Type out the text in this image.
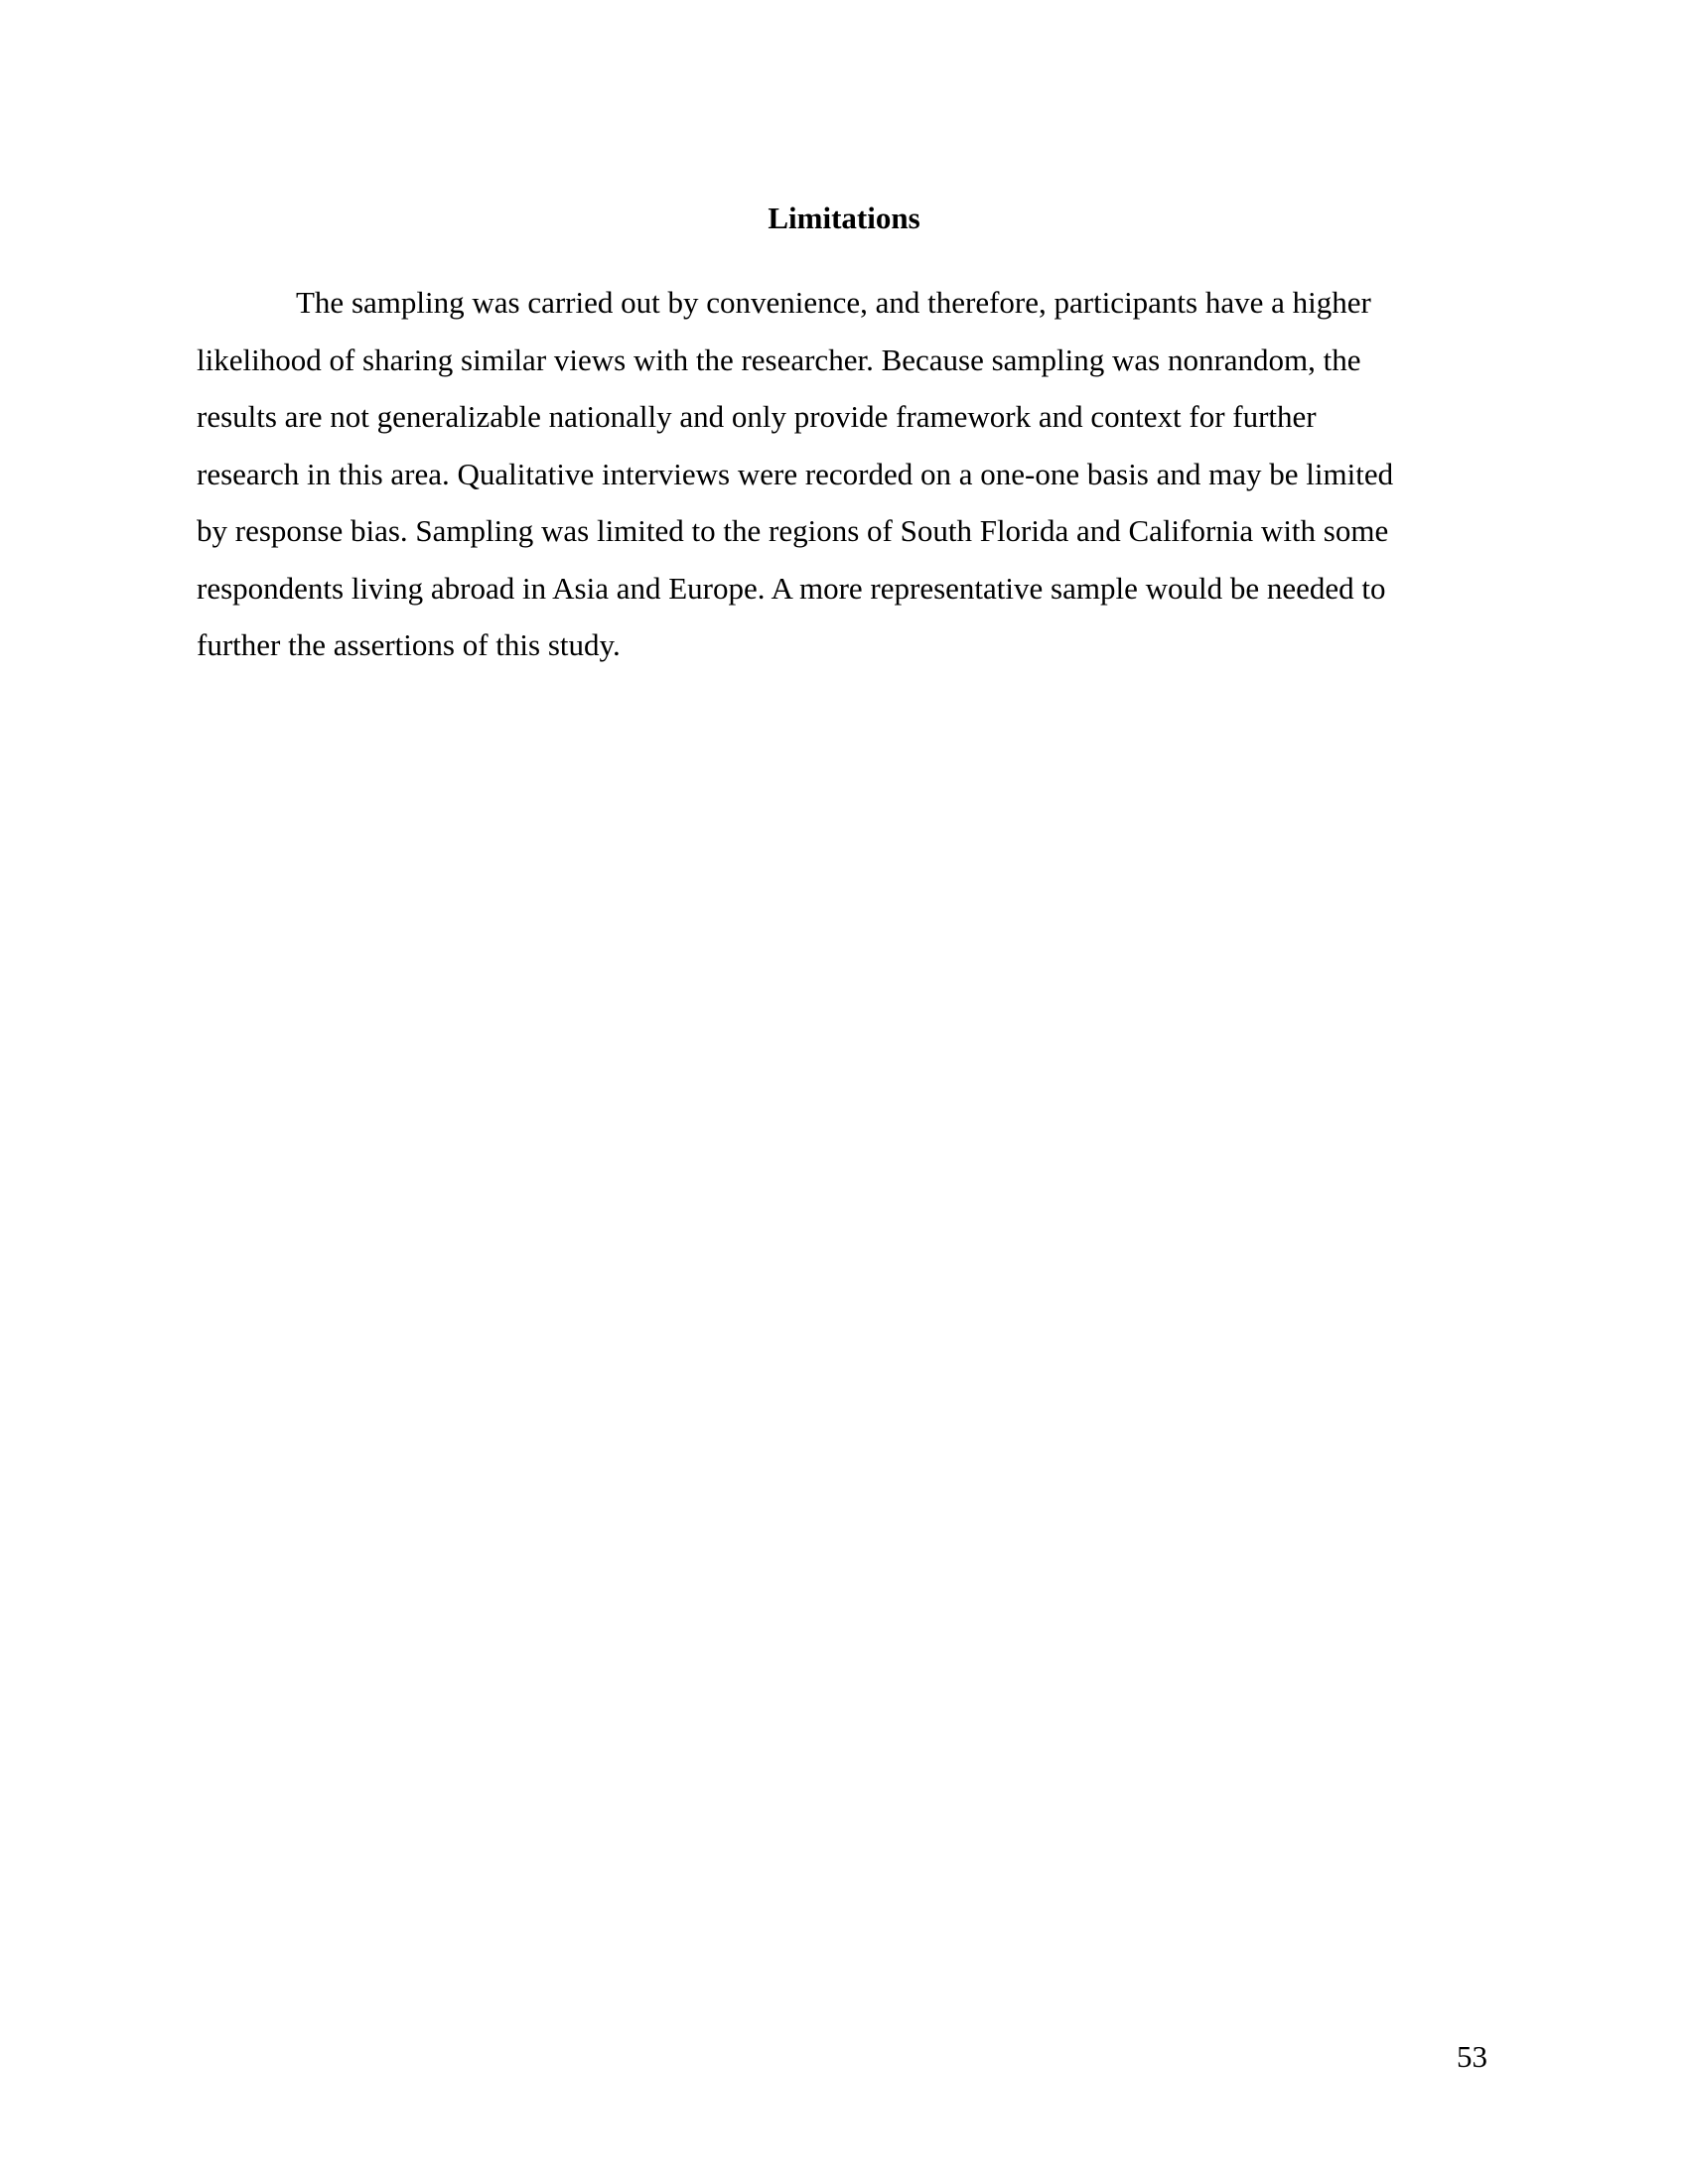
Limitations

The sampling was carried out by convenience, and therefore, participants have a higher
likelihood of sharing similar views with the researcher. Because sampling was nonrandom, the
results are not generalizable nationally and only provide framework and context for further
research in this area. Qualitative interviews were recorded on a one-one basis and may be limited
by response bias. Sampling was limited to the regions of South Florida and California with some
respondents living abroad in Asia and Europe. A more representative sample would be needed to
further the assertions of this study.

53
